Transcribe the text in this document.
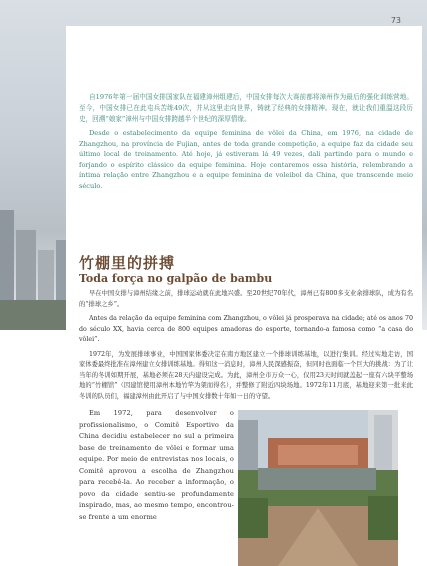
73

自1976年第一届中国女排国家队在福建漳州组建后，中国女排每次大赛前都将漳州作为最后的强化训练营地。至今，中国女排已在此屯兵苦练49次，并从这里走向世界，铸就了经典的女排精神。现在，就让我们重温这段历史，回溯“娘家”漳州与中国女排跨越半个世纪的深厚情缘。

Desde o estabelecimento da equipe feminina de vôlei da China, em 1976, na cidade de Zhangzhou, na província de Fujian, antes de toda grande competição, a equipe faz da cidade seu último local de treinamento. Até hoje, já estiveram lá 49 vezes, dali partindo para o mundo e forjando o espírito clássico da equipe feminina. Hoje contaremos essa história, relembrando a íntima relação entre Zhangzhou e a equipe feminina de voleibol da China, que transcende meio século.

竹棚里的拼搏
Toda força no galpão de bambu

早在中国女排与漳州结缘之前，排球运动就在此地兴盛。至20世纪70年代，漳州已有800多支业余排球队，成为有名的“排球之乡”。

Antes da relação da equipe feminina com Zhangzhou, o vôlei já prosperava na cidade; até os anos 70 do século XX, havia cerca de 800 equipes amadoras do esporte, tornando-a famosa como “a casa do vôlei”.

1972年，为发展排球事业，中国国家体委决定在南方地区建立一个排球训练基地，以进行集训。经过实地走访，国家体委最终批准在漳州建立女排训练基地。得知这一消息时，漳州人民深感振奋，但同时也面临一个巨大的挑战：为了让当年的冬训如期开展，基地必须在28天内建设完成。为此，漳州全市万众一心，仅用23天时间就盖起一座有六块平整场地的“竹棚馆”（因建馆使用漳州本地竹竿为架而得名），并整修了附近四块场地。1972年11月底，基地迎来第一批来此冬训的队员们，福建漳州由此开启了与中国女排数十年如一日的守望。

Em 1972, para desenvolver o profissionalismo, o Comitê Esportivo da China decidiu estabelecer no sul a primeira base de treinamento de vôlei e formar uma equipe. Por meio de entrevistas nos locais, o Comitê aprovou a escolha de Zhangzhou para recebê-la. Ao receber a informação, o povo da cidade sentiu-se profundamente inspirado, mas, ao mesmo tempo, encontrou-se frente a um enorme
